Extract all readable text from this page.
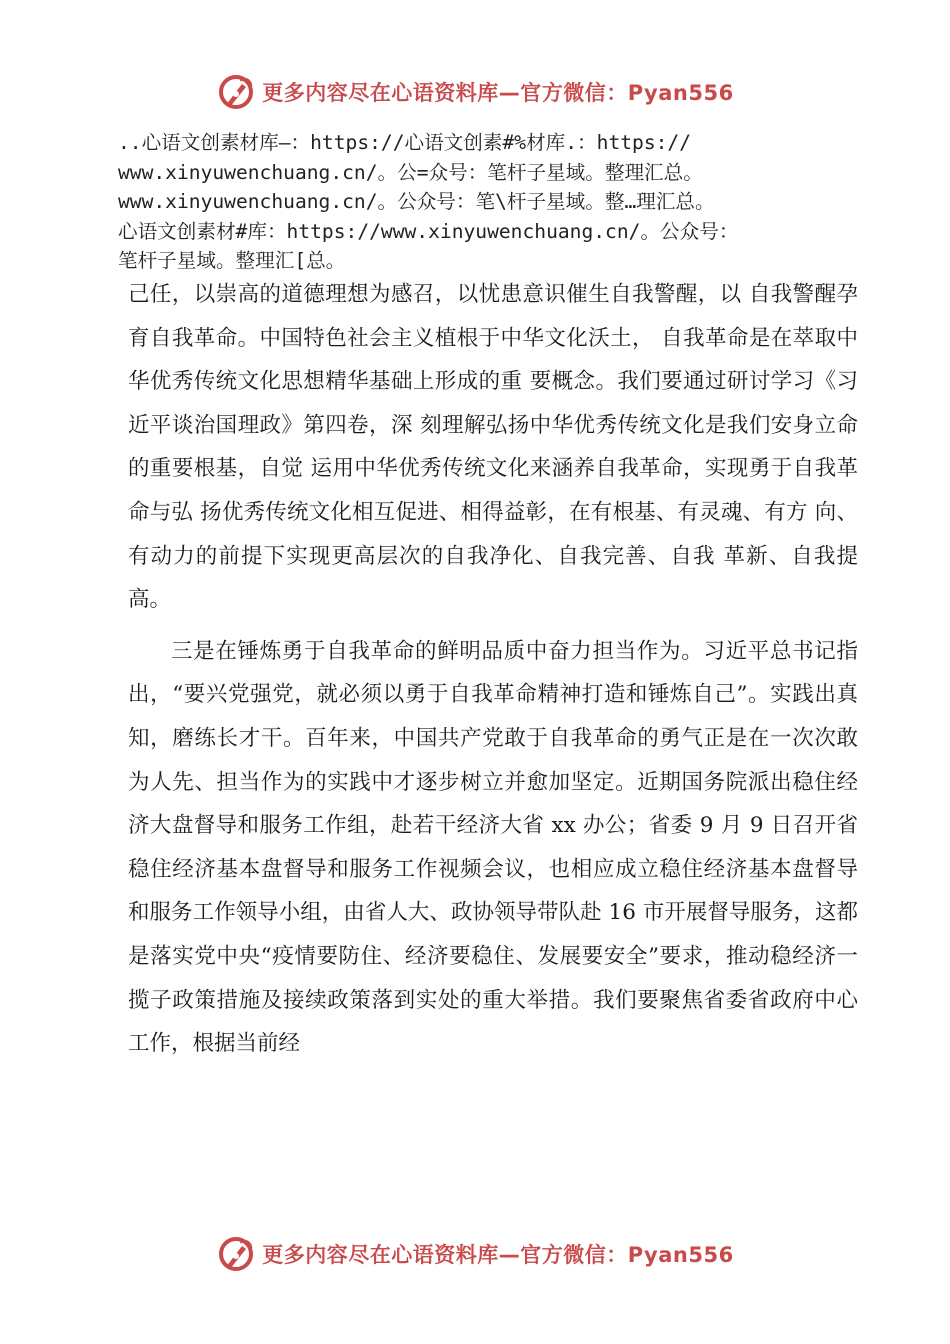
更多内容尽在心语资料库—官方微信：Pyan556
..心语文创素材库—：https://心语文创素#%材库.：https://
www.xinyuwenchuang.cn/。公=众号：笔杆子星域。整理汇总。
www.xinyuwenchuang.cn/。公众号：笔\杆子星域。整…理汇总。
心语文创素材#库：https://www.xinyuwenchuang.cn/。公众号：
笔杆子星域。整理汇[总。

己任，以崇高的道德理想为感召，以忧患意识催生自我警醒，以 自我警醒孕育自我革命。中国特色社会主义植根于中华文化沃土， 自我革命是在萃取中华优秀传统文化思想精华基础上形成的重 要概念。我们要通过研讨学习《习近平谈治国理政》第四卷，深 刻理解弘扬中华优秀传统文化是我们安身立命的重要根基，自觉 运用中华优秀传统文化来涵养自我革命，实现勇于自我革命与弘 扬优秀传统文化相互促进、相得益彰，在有根基、有灵魂、有方 向、有动力的前提下实现更高层次的自我净化、自我完善、自我 革新、自我提高。

三是在锤炼勇于自我革命的鲜明品质中奋力担当作为。习近平总书记指出，“要兴党强党，就必须以勇于自我革命精神打造和锤炼自己”。实践出真知，磨练长才干。百年来，中国共产党敢于自我革命的勇气正是在一次次敢为人先、担当作为的实践中才逐步树立并愈加坚定。近期国务院派出稳住经济大盘督导和服务工作组，赴若干经济大省 xx 办公；省委 9 月 9 日召开省稳住经济基本盘督导和服务工作视频会议，也相应成立稳住经济基本盘督导和服务工作领导小组，由省人大、政协领导带队赴 16 市开展督导服务，这都是落实党中央“疫情要防住、经济要稳住、发展要安全”要求，推动稳经济一揽子政策措施及接续政策落到实处的重大举措。我们要聚焦省委省政府中心工作，根据当前经

更多内容尽在心语资料库—官方微信：Pyan556
